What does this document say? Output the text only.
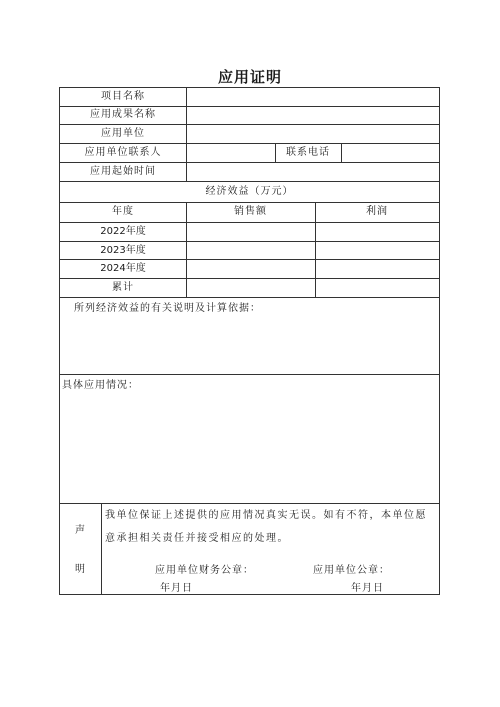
应用证明
项目名称
应用成果名称
应用单位
应用单位联系人	联系电话
应用起始时间
经济效益（万元）
年度	销售额	利润
2022年度
2023年度
2024年度
累计
所列经济效益的有关说明及计算依据：
具体应用情况：
声
明
我单位保证上述提供的应用情况真实无误。如有不符，本单位愿意承担相关责任并接受相应的处理。
应用单位财务公章：	应用单位公章：
年月日	年月日
